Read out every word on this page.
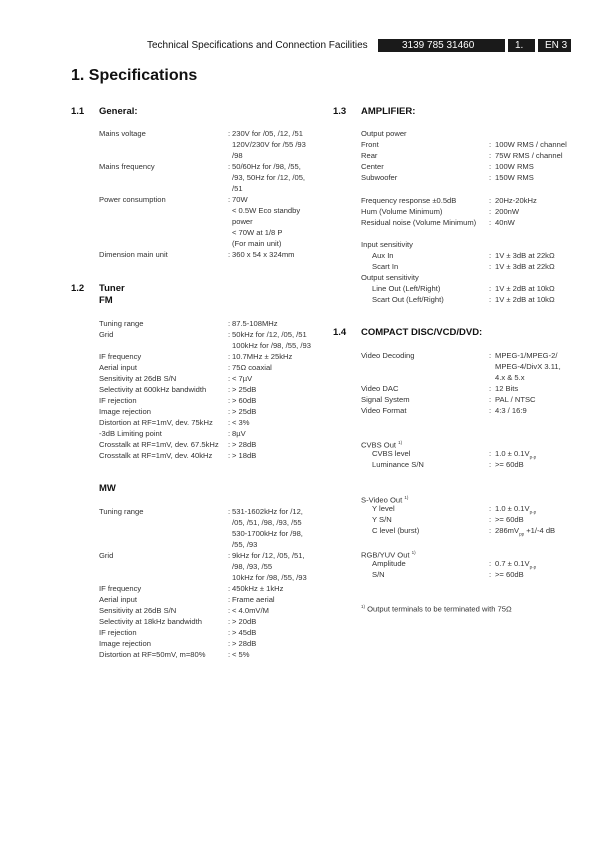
Technical Specifications and Connection Facilities	3139 785 31460	1.	EN 3
1. Specifications
1.1 General:
1.2 Tuner
FM
MW
1.3 AMPLIFIER:
1.4 COMPACT DISC/VCD/DVD:
Mains voltage	: 230V for /05, /12, /51
120V/230V for /55 /93
/98
Mains frequency	: 50/60Hz for /98, /55,
/93, 50Hz for /12, /05,
/51
Power consumption	: 70W
< 0.5W Eco standby
power
< 70W at 1/8 P
(For main unit)
Dimension main unit	: 360 x 54 x 324mm
Tuning range	: 87.5-108MHz
Grid	: 50kHz for /12, /05, /51
100kHz for /98, /55, /93
IF frequency	: 10.7MHz ± 25kHz
Aerial input	: 75Ω coaxial
Sensitivity at 26dB S/N	: < 7µV
Selectivity at 600kHz bandwidth	: > 25dB
IF rejection	: > 60dB
Image rejection	: > 25dB
Distortion at RF=1mV, dev. 75kHz : < 3%
-3dB Limiting point	: 8µV
Crosstalk at RF=1mV, dev. 67.5kHz : > 28dB
Crosstalk at RF=1mV, dev. 40kHz : > 18dB
Tuning range	: 531-1602kHz for /12,
/05, /51, /98, /93, /55
530-1700kHz for /98,
/55, /93
Grid	: 9kHz for /12, /05, /51,
/98, /93, /55
10kHz for /98, /55, /93
IF frequency	: 450kHz ± 1kHz
Aerial input	: Frame aerial
Sensitivity at 26dB S/N	: < 4.0mV/M
Selectivity at 18kHz bandwidth	: > 20dB
IF rejection	: > 45dB
Image rejection	: > 28dB
Distortion at RF=50mV, m=80%	: < 5%
Output power
Front	: 100W RMS / channel
Rear	: 75W RMS / channel
Center	: 100W RMS
Subwoofer	: 150W RMS
Frequency response ±0.5dB	: 20Hz-20kHz
Hum (Volume Minimum)	: 200nW
Residual noise (Volume Minimum) : 40nW
Input sensitivity
Aux In	: 1V ± 3dB at 22kΩ
Scart In	: 1V ± 3dB at 22kΩ
Output sensitivity
Line Out (Left/Right)	: 1V ± 2dB at 10kΩ
Scart Out (Left/Right)	: 1V ± 2dB at 10kΩ
Video Decoding	: MPEG-1/MPEG-2/
MPEG-4/DivX 3.11,
4.x & 5.x
Video DAC	: 12 Bits
Signal System	: PAL / NTSC
Video Format	: 4:3 / 16:9
CVBS Out $^{1)}$
CVBS level	: $1.0 \pm 0.1V_{p-p}$
Luminance S/N	: >= 60dB
S-Video Out $^{1)}$
Y level	: $1.0 \pm 0.1V_{p-p}$
Y S/N	: >= 60dB
C level (burst)	: $286mV_{pp} +1/-4$ dB
RGB/YUV Out $^{1)}$
Amplitude	: $0.7 \pm 0.1V_{p-p}$
S/N	: >= 60dB
$^{1)}$ Output terminals to be terminated with 75Ω
